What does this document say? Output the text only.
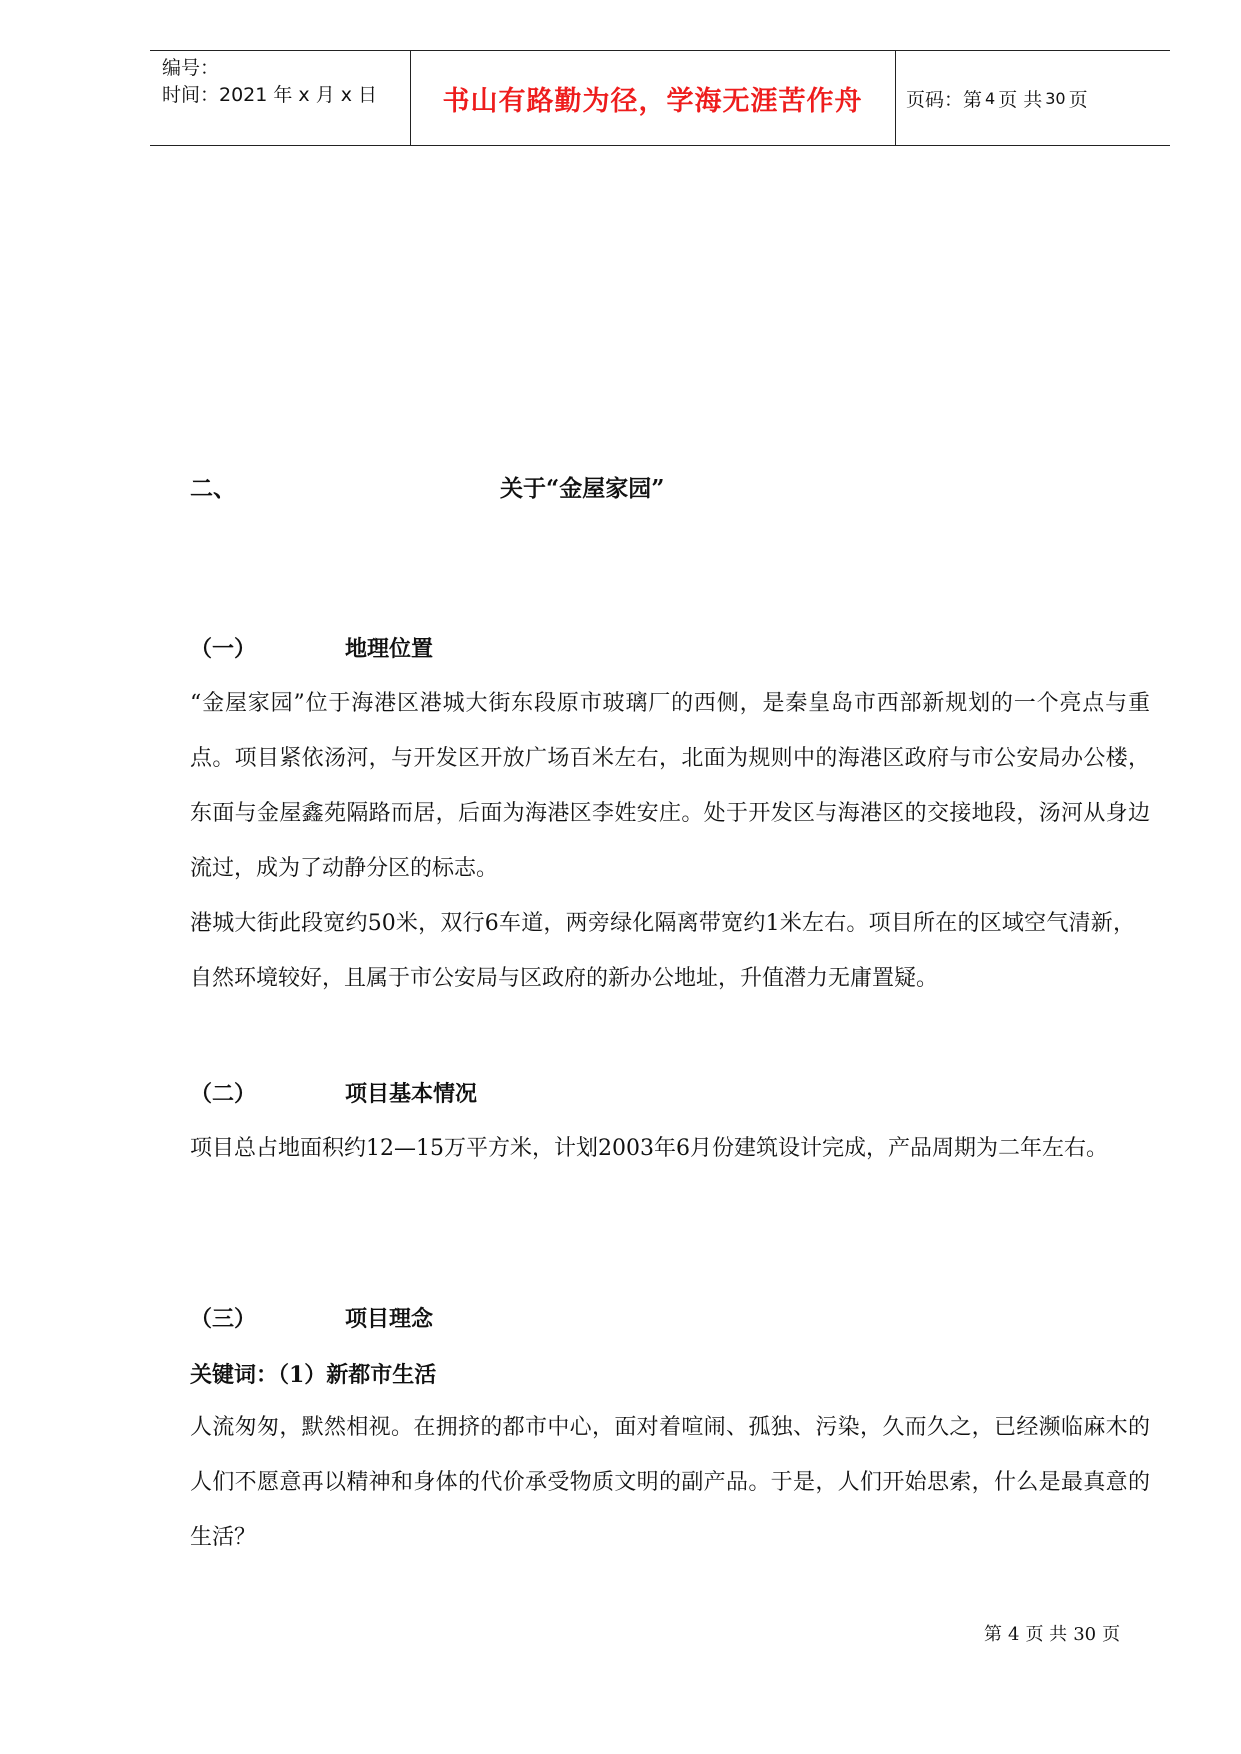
编号：
时间：2021 年 x 月 x 日	书山有路勤为径，学海无涯苦作舟	页码：第 4 页 共 30 页
二、	关于“金屋家园”
（一）	地理位置
“金屋家园”位于海港区港城大街东段原市玻璃厂的西侧，是秦皇岛市西部新规划的一个亮点与重点。项目紧依汤河，与开发区开放广场百米左右，北面为规则中的海港区政府与市公安局办公楼，东面与金屋鑫苑隔路而居，后面为海港区李姓安庄。处于开发区与海港区的交接地段，汤河从身边流过，成为了动静分区的标志。
港城大街此段宽约50米，双行6车道，两旁绿化隔离带宽约1米左右。项目所在的区域空气清新，自然环境较好，且属于市公安局与区政府的新办公地址，升值潜力无庸置疑。
（二）	项目基本情况
项目总占地面积约12—15万平方米，计划2003年6月份建筑设计完成，产品周期为二年左右。
（三）	项目理念
关键词：（1）新都市生活
人流匆匆，默然相视。在拥挤的都市中心，面对着喧闹、孤独、污染，久而久之，已经濒临麻木的人们不愿意再以精神和身体的代价承受物质文明的副产品。于是，人们开始思索，什么是最真意的生活？
第 4 页 共 30 页
